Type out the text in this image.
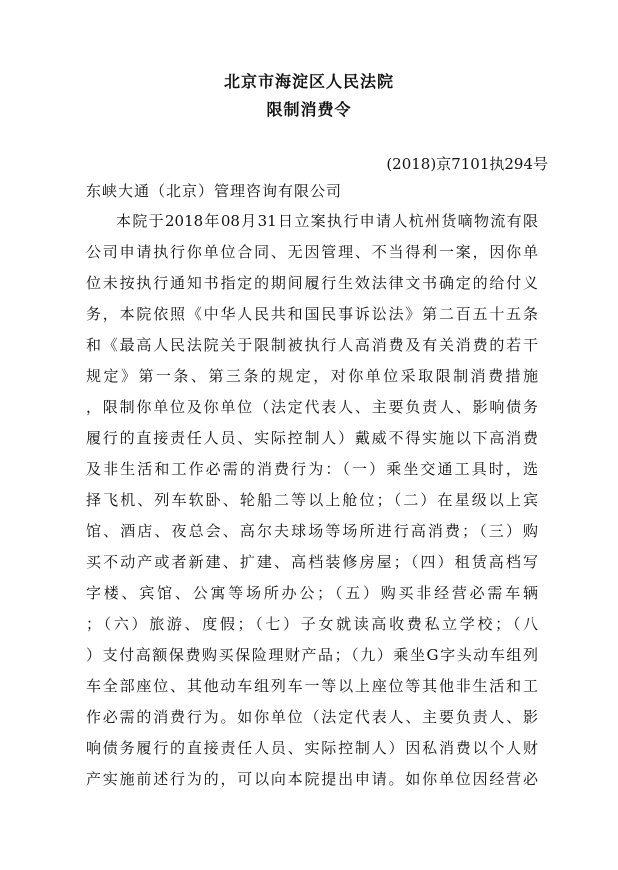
北京市海淀区人民法院
限制消费令
(2018)京7101执294号
东峡大通（北京）管理咨询有限公司
本院于2018年08月31日立案执行申请人杭州货嘀物流有限
公司申请执行你单位合同、无因管理、不当得利一案，因你单
位未按执行通知书指定的期间履行生效法律文书确定的给付义
务，本院依照《中华人民共和国民事诉讼法》第二百五十五条
和《最高人民法院关于限制被执行人高消费及有关消费的若干
规定》第一条、第三条的规定，对你单位采取限制消费措施
，限制你单位及你单位（法定代表人、主要负责人、影响债务
履行的直接责任人员、实际控制人）戴威不得实施以下高消费
及非生活和工作必需的消费行为：（一）乘坐交通工具时，选
择飞机、列车软卧、轮船二等以上舱位；（二）在星级以上宾
馆、酒店、夜总会、高尔夫球场等场所进行高消费；（三）购
买不动产或者新建、扩建、高档装修房屋；（四）租赁高档写
字楼、宾馆、公寓等场所办公；（五）购买非经营必需车辆
；（六）旅游、度假；（七）子女就读高收费私立学校；（八
）支付高额保费购买保险理财产品；（九）乘坐G字头动车组列
车全部座位、其他动车组列车一等以上座位等其他非生活和工
作必需的消费行为。如你单位（法定代表人、主要负责人、影
响债务履行的直接责任人员、实际控制人）因私消费以个人财
产实施前述行为的，可以向本院提出申请。如你单位因经营必
